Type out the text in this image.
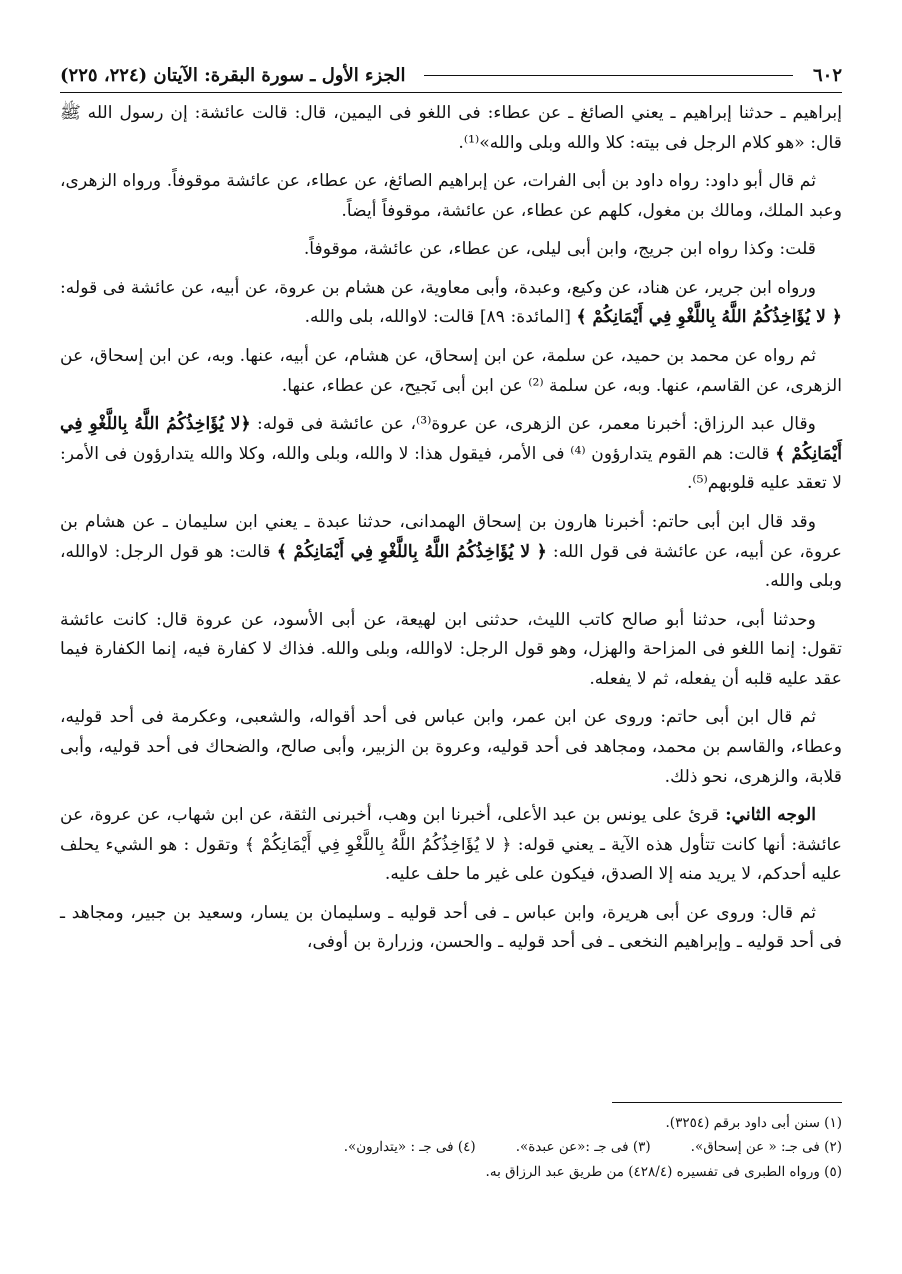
٦٠٢
الجزء الأول ـ سورة البقرة: الآيتان (٢٢٤، ٢٢٥)

إبراهيم ـ حدثنا إبراهيم ـ يعني الصائغ ـ عن عطاء: فى اللغو فى اليمين، قال: قالت عائشة: إن رسول الله ﷺ قال: «هو كلام الرجل فى بيته: كلا والله وبلى والله»⁽¹⁾.

ثم قال أبو داود: رواه داود بن أبى الفرات، عن إبراهيم الصائغ، عن عطاء، عن عائشة موقوفاً. ورواه الزهرى، وعبد الملك، ومالك بن مغول، كلهم عن عطاء، عن عائشة، موقوفاً أيضاً.

قلت: وكذا رواه ابن جريج، وابن أبى ليلى، عن عطاء، عن عائشة، موقوفاً.

ورواه ابن جرير، عن هناد، عن وكيع، وعبدة، وأبى معاوية، عن هشام بن عروة، عن أبيه، عن عائشة فى قوله: ﴿ لا يُؤَاخِذُكُمُ اللَّهُ بِاللَّغْوِ فِي أَيْمَانِكُمْ ﴾ [المائدة: ٨٩] قالت: لاوالله، بلى والله.

ثم رواه عن محمد بن حميد، عن سلمة، عن ابن إسحاق، عن هشام، عن أبيه، عنها. وبه، عن ابن إسحاق، عن الزهرى، عن القاسم، عنها. وبه، عن سلمة ⁽²⁾ عن ابن أبى نَجيح، عن عطاء، عنها.

وقال عبد الرزاق: أخبرنا معمر، عن الزهرى، عن عروة⁽³⁾، عن عائشة فى قوله: ﴿لا يُؤَاخِذُكُمُ اللَّهُ بِاللَّغْوِ فِي أَيْمَانِكُمْ ﴾ قالت: هم القوم يتدارؤون ⁽⁴⁾ فى الأمر، فيقول هذا: لا والله، وبلى والله، وكلا والله يتدارؤون فى الأمر: لا تعقد عليه قلوبهم⁽⁵⁾.

وقد قال ابن أبى حاتم: أخبرنا هارون بن إسحاق الهمدانى، حدثنا عبدة ـ يعني ابن سليمان ـ عن هشام بن عروة، عن أبيه، عن عائشة فى قول الله: ﴿ لا يُؤَاخِذُكُمُ اللَّهُ بِاللَّغْوِ فِي أَيْمَانِكُمْ ﴾ قالت: هو قول الرجل: لاوالله، وبلى والله.

وحدثنا أبى، حدثنا أبو صالح كاتب الليث، حدثنى ابن لهيعة، عن أبى الأسود، عن عروة قال: كانت عائشة تقول: إنما اللغو فى المزاحة والهزل، وهو قول الرجل: لاوالله، وبلى والله. فذاك لا كفارة فيه، إنما الكفارة فيما عقد عليه قلبه أن يفعله، ثم لا يفعله.

ثم قال ابن أبى حاتم: وروى عن ابن عمر، وابن عباس فى أحد أقواله، والشعبى، وعكرمة فى أحد قوليه، وعطاء، والقاسم بن محمد، ومجاهد فى أحد قوليه، وعروة بن الزبير، وأبى صالح، والضحاك فى أحد قوليه، وأبى قلابة، والزهرى، نحو ذلك.

الوجه الثاني: قرئ على يونس بن عبد الأعلى، أخبرنا ابن وهب، أخبرنى الثقة، عن ابن شهاب، عن عروة، عن عائشة: أنها كانت تتأول هذه الآية ـ يعني قوله: ﴿ لا يُؤَاخِذُكُمُ اللَّهُ بِاللَّغْوِ فِي أَيْمَانِكُمْ ﴾ وتقول : هو الشيء يحلف عليه أحدكم، لا يريد منه إلا الصدق، فيكون على غير ما حلف عليه.

ثم قال: وروى عن أبى هريرة، وابن عباس ـ فى أحد قوليه ـ وسليمان بن يسار، وسعيد بن جبير، ومجاهد ـ فى أحد قوليه ـ وإبراهيم النخعى ـ فى أحد قوليه ـ والحسن، وزرارة بن أوفى،

(١) سنن أبى داود برقم (٣٢٥٤).
(٢) فى جـ: « عن إسحاق».
(٣) فى جـ :«عن عبدة».
(٤) فى جـ : «يتدارون».
(٥) ورواه الطبرى فى تفسيره (٤٢٨/٤) من طريق عبد الرزاق به.
